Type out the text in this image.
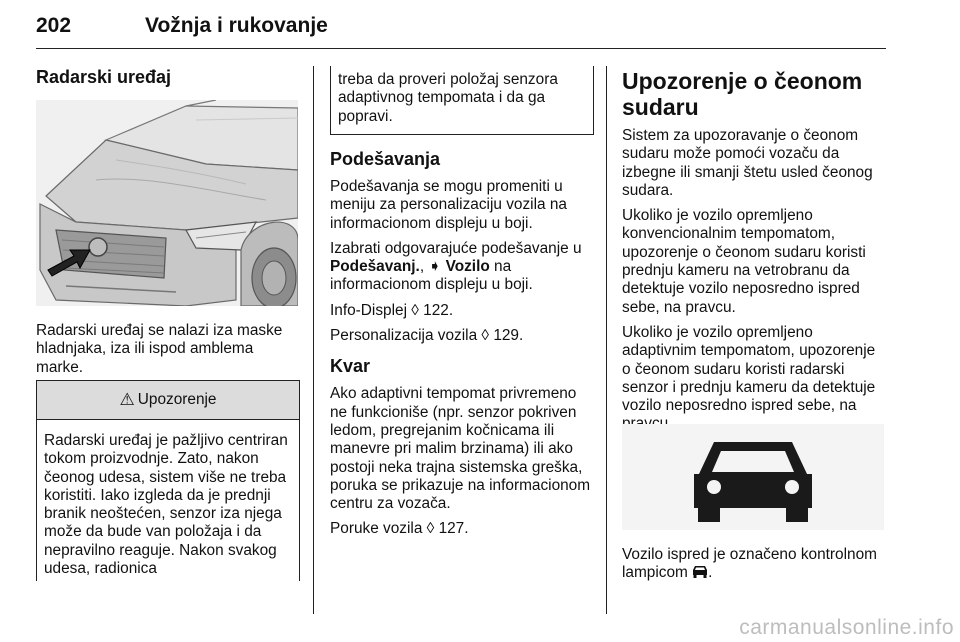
202	Vožnja i rukovanje
Radarski uređaj

Radarski uređaj se nalazi iza maske hladnjaka, iza ili ispod amblema marke.

⚠ Upozorenje
Radarski uređaj je pažljivo centriran tokom proizvodnje. Zato, nakon čeonog udesa, sistem više ne treba koristiti. Iako izgleda da je prednji branik neoštećen, senzor iza njega može da bude van položaja i da nepravilno reaguje. Nakon svakog udesa, radionica
treba da proveri položaj senzora adaptivnog tempomata i da ga popravi.
Podešavanja

Podešavanja se mogu promeniti u meniju za personalizaciju vozila na informacionom displeju u boji.

Izabrati odgovarajuće podešavanje u Podešavanj., ➧ Vozilo na informacionom displeju u boji.

Info-Displej ◊ 122.

Personalizacija vozila ◊ 129.

Kvar

Ako adaptivni tempomat privremeno ne funkcioniše (npr. senzor pokriven ledom, pregrejanim kočnicama ili manevre pri malim brzinama) ili ako postoji neka trajna sistemska greška, poruka se prikazuje na informacionom centru za vozača.

Poruke vozila ◊ 127.

Upozorenje o čeonom sudaru

Sistem za upozoravanje o čeonom sudaru može pomoći vozaču da izbegne ili smanji štetu usled čeonog sudara.

Ukoliko je vozilo opremljeno konvencionalnim tempomatom, upozorenje o čeonom sudaru koristi prednju kameru na vetrobranu da detektuje vozilo neposredno ispred sebe, na pravcu.

Ukoliko je vozilo opremljeno adaptivnim tempomatom, upozorenje o čeonom sudaru koristi radarski senzor i prednju kameru da detektuje vozilo neposredno ispred sebe, na

Vozilo ispred je označeno kontrolnom lampicom .

carmanualsonline.info
